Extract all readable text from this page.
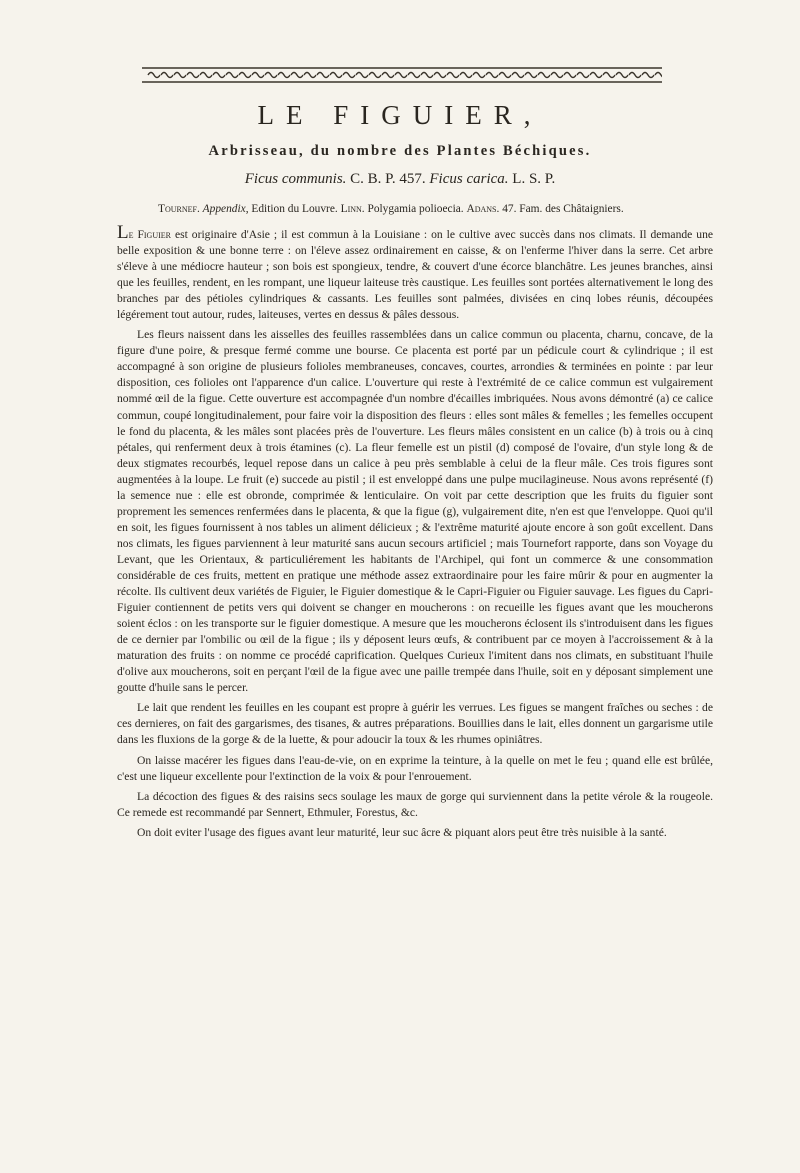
LE FIGUIER,
Arbrisseau, du nombre des Plantes Béchiques.
Ficus communis. C. B. P. 457. Ficus carica. L. S. P.
Tournef. Appendix, Edition du Louvre. Linn. Polygamia polioecia. Adans. 47. Fam. des Châtaigniers.

Le Figuier est originaire d'Asie ; il est commun à la Louisiane : on le cultive avec succès dans nos climats. Il demande une belle exposition & une bonne terre : on l'éleve assez ordinairement en caisse, & on l'enferme l'hiver dans la serre. Cet arbre s'éleve à une médiocre hauteur ; son bois est spongieux, tendre, & couvert d'une écorce blanchâtre. Les jeunes branches, ainsi que les feuilles, rendent, en les rompant, une liqueur laiteuse très caustique. Les feuilles sont portées alternativement le long des branches par des pétioles cylindriques & cassants. Les feuilles sont palmées, divisées en cinq lobes réunis, découpées légérement tout autour, rudes, laiteuses, vertes en dessus & pâles dessous.

Les fleurs naissent dans les aisselles des feuilles rassemblées dans un calice commun ou placenta, charnu, concave, de la figure d'une poire, & presque fermé comme une bourse. Ce placenta est porté par un pédicule court & cylindrique ; il est accompagné à son origine de plusieurs folioles membraneuses, concaves, courtes, arrondies & terminées en pointe : par leur disposition, ces folioles ont l'apparence d'un calice. L'ouverture qui reste à l'extrémité de ce calice commun est vulgairement nommé œil de la figue. Cette ouverture est accompagnée d'un nombre d'écailles imbriquées. Nous avons démontré (a) ce calice commun, coupé longitudinalement, pour faire voir la disposition des fleurs : elles sont mâles & femelles ; les femelles occupent le fond du placenta, & les mâles sont placées près de l'ouverture. Les fleurs mâles consistent en un calice (b) à trois ou à cinq pétales, qui renferment deux à trois étamines (c). La fleur femelle est un pistil (d) composé de l'ovaire, d'un style long & de deux stigmates recourbés, lequel repose dans un calice à peu près semblable à celui de la fleur mâle. Ces trois figures sont augmentées à la loupe. Le fruit (e) succede au pistil ; il est enveloppé dans une pulpe mucilagineuse. Nous avons représenté (f) la semence nue : elle est obronde, comprimée & lenticulaire. On voit par cette description que les fruits du figuier sont proprement les semences renfermées dans le placenta, & que la figue (g), vulgairement dite, n'en est que l'enveloppe. Quoi qu'il en soit, les figues fournissent à nos tables un aliment délicieux ; & l'extrême maturité ajoute encore à son goût excellent. Dans nos climats, les figues parviennent à leur maturité sans aucun secours artificiel ; mais Tournefort rapporte, dans son Voyage du Levant, que les Orientaux, & particuliérement les habitants de l'Archipel, qui font un commerce & une consommation considérable de ces fruits, mettent en pratique une méthode assez extraordinaire pour les faire mûrir & pour en augmenter la récolte. Ils cultivent deux variétés de Figuier, le Figuier domestique & le Capri-Figuier ou Figuier sauvage. Les figues du Capri-Figuier contiennent de petits vers qui doivent se changer en moucherons : on recueille les figues avant que les moucherons soient éclos : on les transporte sur le figuier domestique. A mesure que les moucherons éclosent ils s'introduisent dans les figues de ce dernier par l'ombilic ou œil de la figue ; ils y déposent leurs œufs, & contribuent par ce moyen à l'accroissement & à la maturation des fruits : on nomme ce procédé caprification. Quelques Curieux l'imitent dans nos climats, en substituant l'huile d'olive aux moucherons, soit en perçant l'œil de la figue avec une paille trempée dans l'huile, soit en y déposant simplement une goutte d'huile sans le percer.

Le lait que rendent les feuilles en les coupant est propre à guérir les verrues. Les figues se mangent fraîches ou seches : de ces dernieres, on fait des gargarismes, des tisanes, & autres préparations. Bouillies dans le lait, elles donnent un gargarisme utile dans les fluxions de la gorge & de la luette, & pour adoucir la toux & les rhumes opiniâtres.

On laisse macérer les figues dans l'eau-de-vie, on en exprime la teinture, à la quelle on met le feu ; quand elle est brûlée, c'est une liqueur excellente pour l'extinction de la voix & pour l'enrouement.

La décoction des figues & des raisins secs soulage les maux de gorge qui surviennent dans la petite vérole & la rougeole. Ce remede est recommandé par Sennert, Ethmuler, Forestus, &c.

On doit eviter l'usage des figues avant leur maturité, leur suc âcre & piquant alors peut être très nuisible à la santé.
